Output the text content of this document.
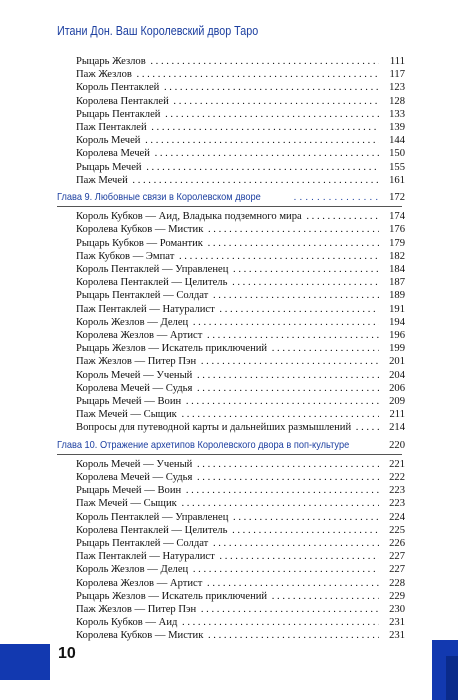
Итани Дон. Ваш Королевский двор Таро
Рыцарь Жезлов . . .	111
Паж Жезлов . . .	117
Король Пентаклей . . .	123
Королева Пентаклей . . .	128
Рыцарь Пентаклей . . .	133
Паж Пентаклей . . .	139
Король Мечей . . .	144
Королева Мечей . . .	150
Рыцарь Мечей . . .	155
Паж Мечей . . .	161
Глава 9. Любовные связи в Королевском дворе . . .	172
Король Кубков — Аид, Владыка подземного мира . . .	174
Королева Кубков — Мистик . . .	176
Рыцарь Кубков — Романтик . . .	179
Паж Кубков — Эмпат . . .	182
Король Пентаклей — Управленец . . .	184
Королева Пентаклей — Целитель . . .	187
Рыцарь Пентаклей — Солдат . . .	189
Паж Пентаклей — Натуралист . . .	191
Король Жезлов — Делец . . .	194
Королева Жезлов — Артист . . .	196
Рыцарь Жезлов — Искатель приключений . . .	199
Паж Жезлов — Питер Пэн . . .	201
Король Мечей — Ученый . . .	204
Королева Мечей — Судья . . .	206
Рыцарь Мечей — Воин . . .	209
Паж Мечей — Сыщик . . .	211
Вопросы для путеводной карты и дальнейших размышлений . . .	214
Глава 10. Отражение архетипов Королевского двора в поп-культуре . . .	220
Король Мечей — Ученый . . .	221
Королева Мечей — Судья . . .	222
Рыцарь Мечей — Воин . . .	223
Паж Мечей — Сыщик . . .	223
Король Пентаклей — Управленец . . .	224
Королева Пентаклей — Целитель . . .	225
Рыцарь Пентаклей — Солдат . . .	226
Паж Пентаклей — Натуралист . . .	227
Король Жезлов — Делец . . .	227
Королева Жезлов — Артист . . .	228
Рыцарь Жезлов — Искатель приключений . . .	229
Паж Жезлов — Питер Пэн . . .	230
Король Кубков — Аид . . .	231
Королева Кубков — Мистик . . .	231
10
